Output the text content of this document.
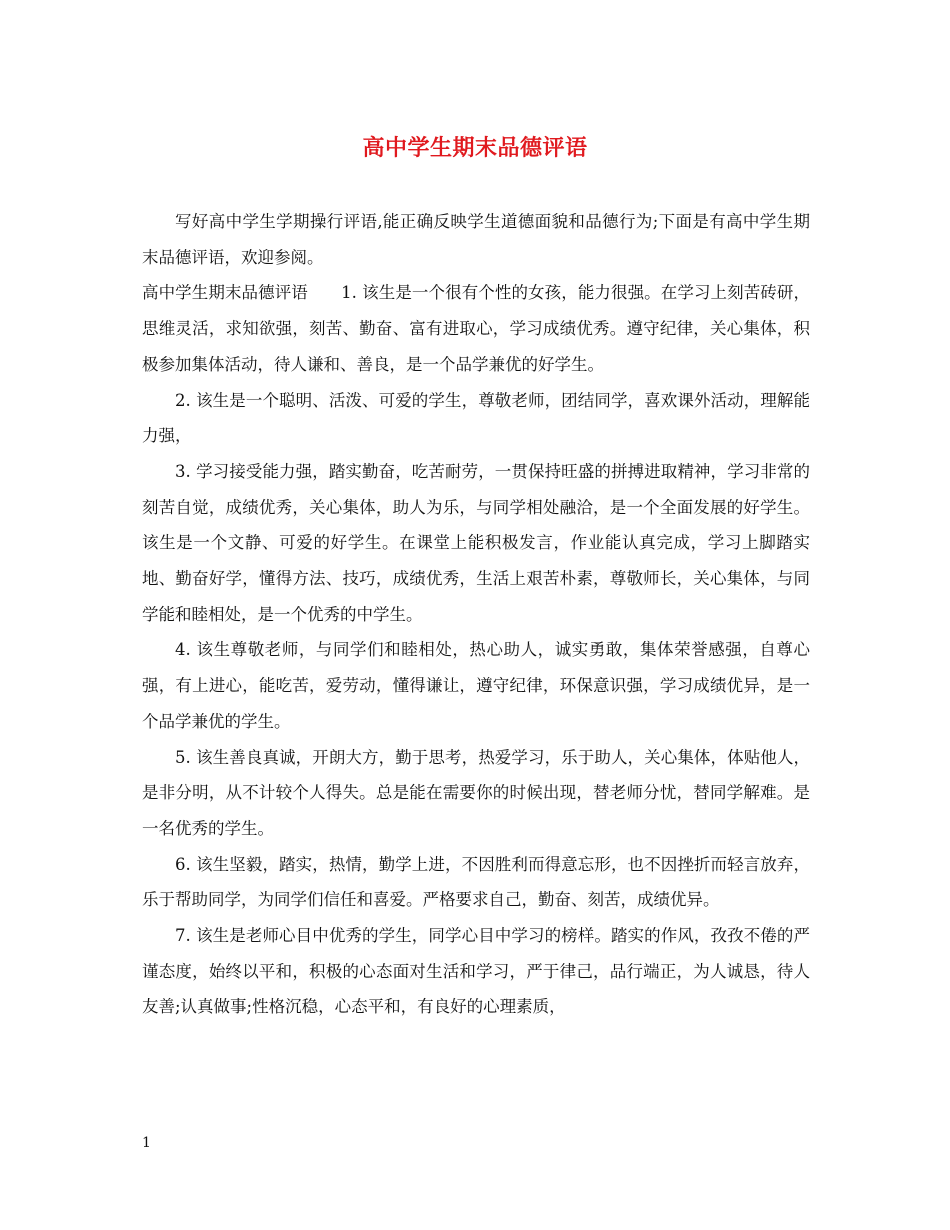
高中学生期末品德评语

写好高中学生学期操行评语,能正确反映学生道德面貌和品德行为;下面是有高中学生期末品德评语，欢迎参阅。

高中学生期末品德评语　　1. 该生是一个很有个性的女孩，能力很强。在学习上刻苦砖研，思维灵活，求知欲强，刻苦、勤奋、富有进取心，学习成绩优秀。遵守纪律，关心集体，积极参加集体活动，待人谦和、善良，是一个品学兼优的好学生。

2. 该生是一个聪明、活泼、可爱的学生，尊敬老师，团结同学，喜欢课外活动，理解能力强，

3. 学习接受能力强，踏实勤奋，吃苦耐劳，一贯保持旺盛的拼搏进取精神，学习非常的刻苦自觉，成绩优秀，关心集体，助人为乐，与同学相处融洽，是一个全面发展的好学生。该生是一个文静、可爱的好学生。在课堂上能积极发言，作业能认真完成，学习上脚踏实地、勤奋好学，懂得方法、技巧，成绩优秀，生活上艰苦朴素，尊敬师长，关心集体，与同学能和睦相处，是一个优秀的中学生。

4. 该生尊敬老师，与同学们和睦相处，热心助人，诚实勇敢，集体荣誉感强，自尊心强，有上进心，能吃苦，爱劳动，懂得谦让，遵守纪律，环保意识强，学习成绩优异，是一个品学兼优的学生。

5. 该生善良真诚，开朗大方，勤于思考，热爱学习，乐于助人，关心集体，体贴他人，是非分明，从不计较个人得失。总是能在需要你的时候出现，替老师分忧，替同学解难。是一名优秀的学生。

6. 该生坚毅，踏实，热情，勤学上进，不因胜利而得意忘形，也不因挫折而轻言放弃，乐于帮助同学，为同学们信任和喜爱。严格要求自己，勤奋、刻苦，成绩优异。

7. 该生是老师心目中优秀的学生，同学心目中学习的榜样。踏实的作风，孜孜不倦的严谨态度，始终以平和，积极的心态面对生活和学习，严于律己，品行端正，为人诚恳，待人友善;认真做事;性格沉稳，心态平和，有良好的心理素质，

1
